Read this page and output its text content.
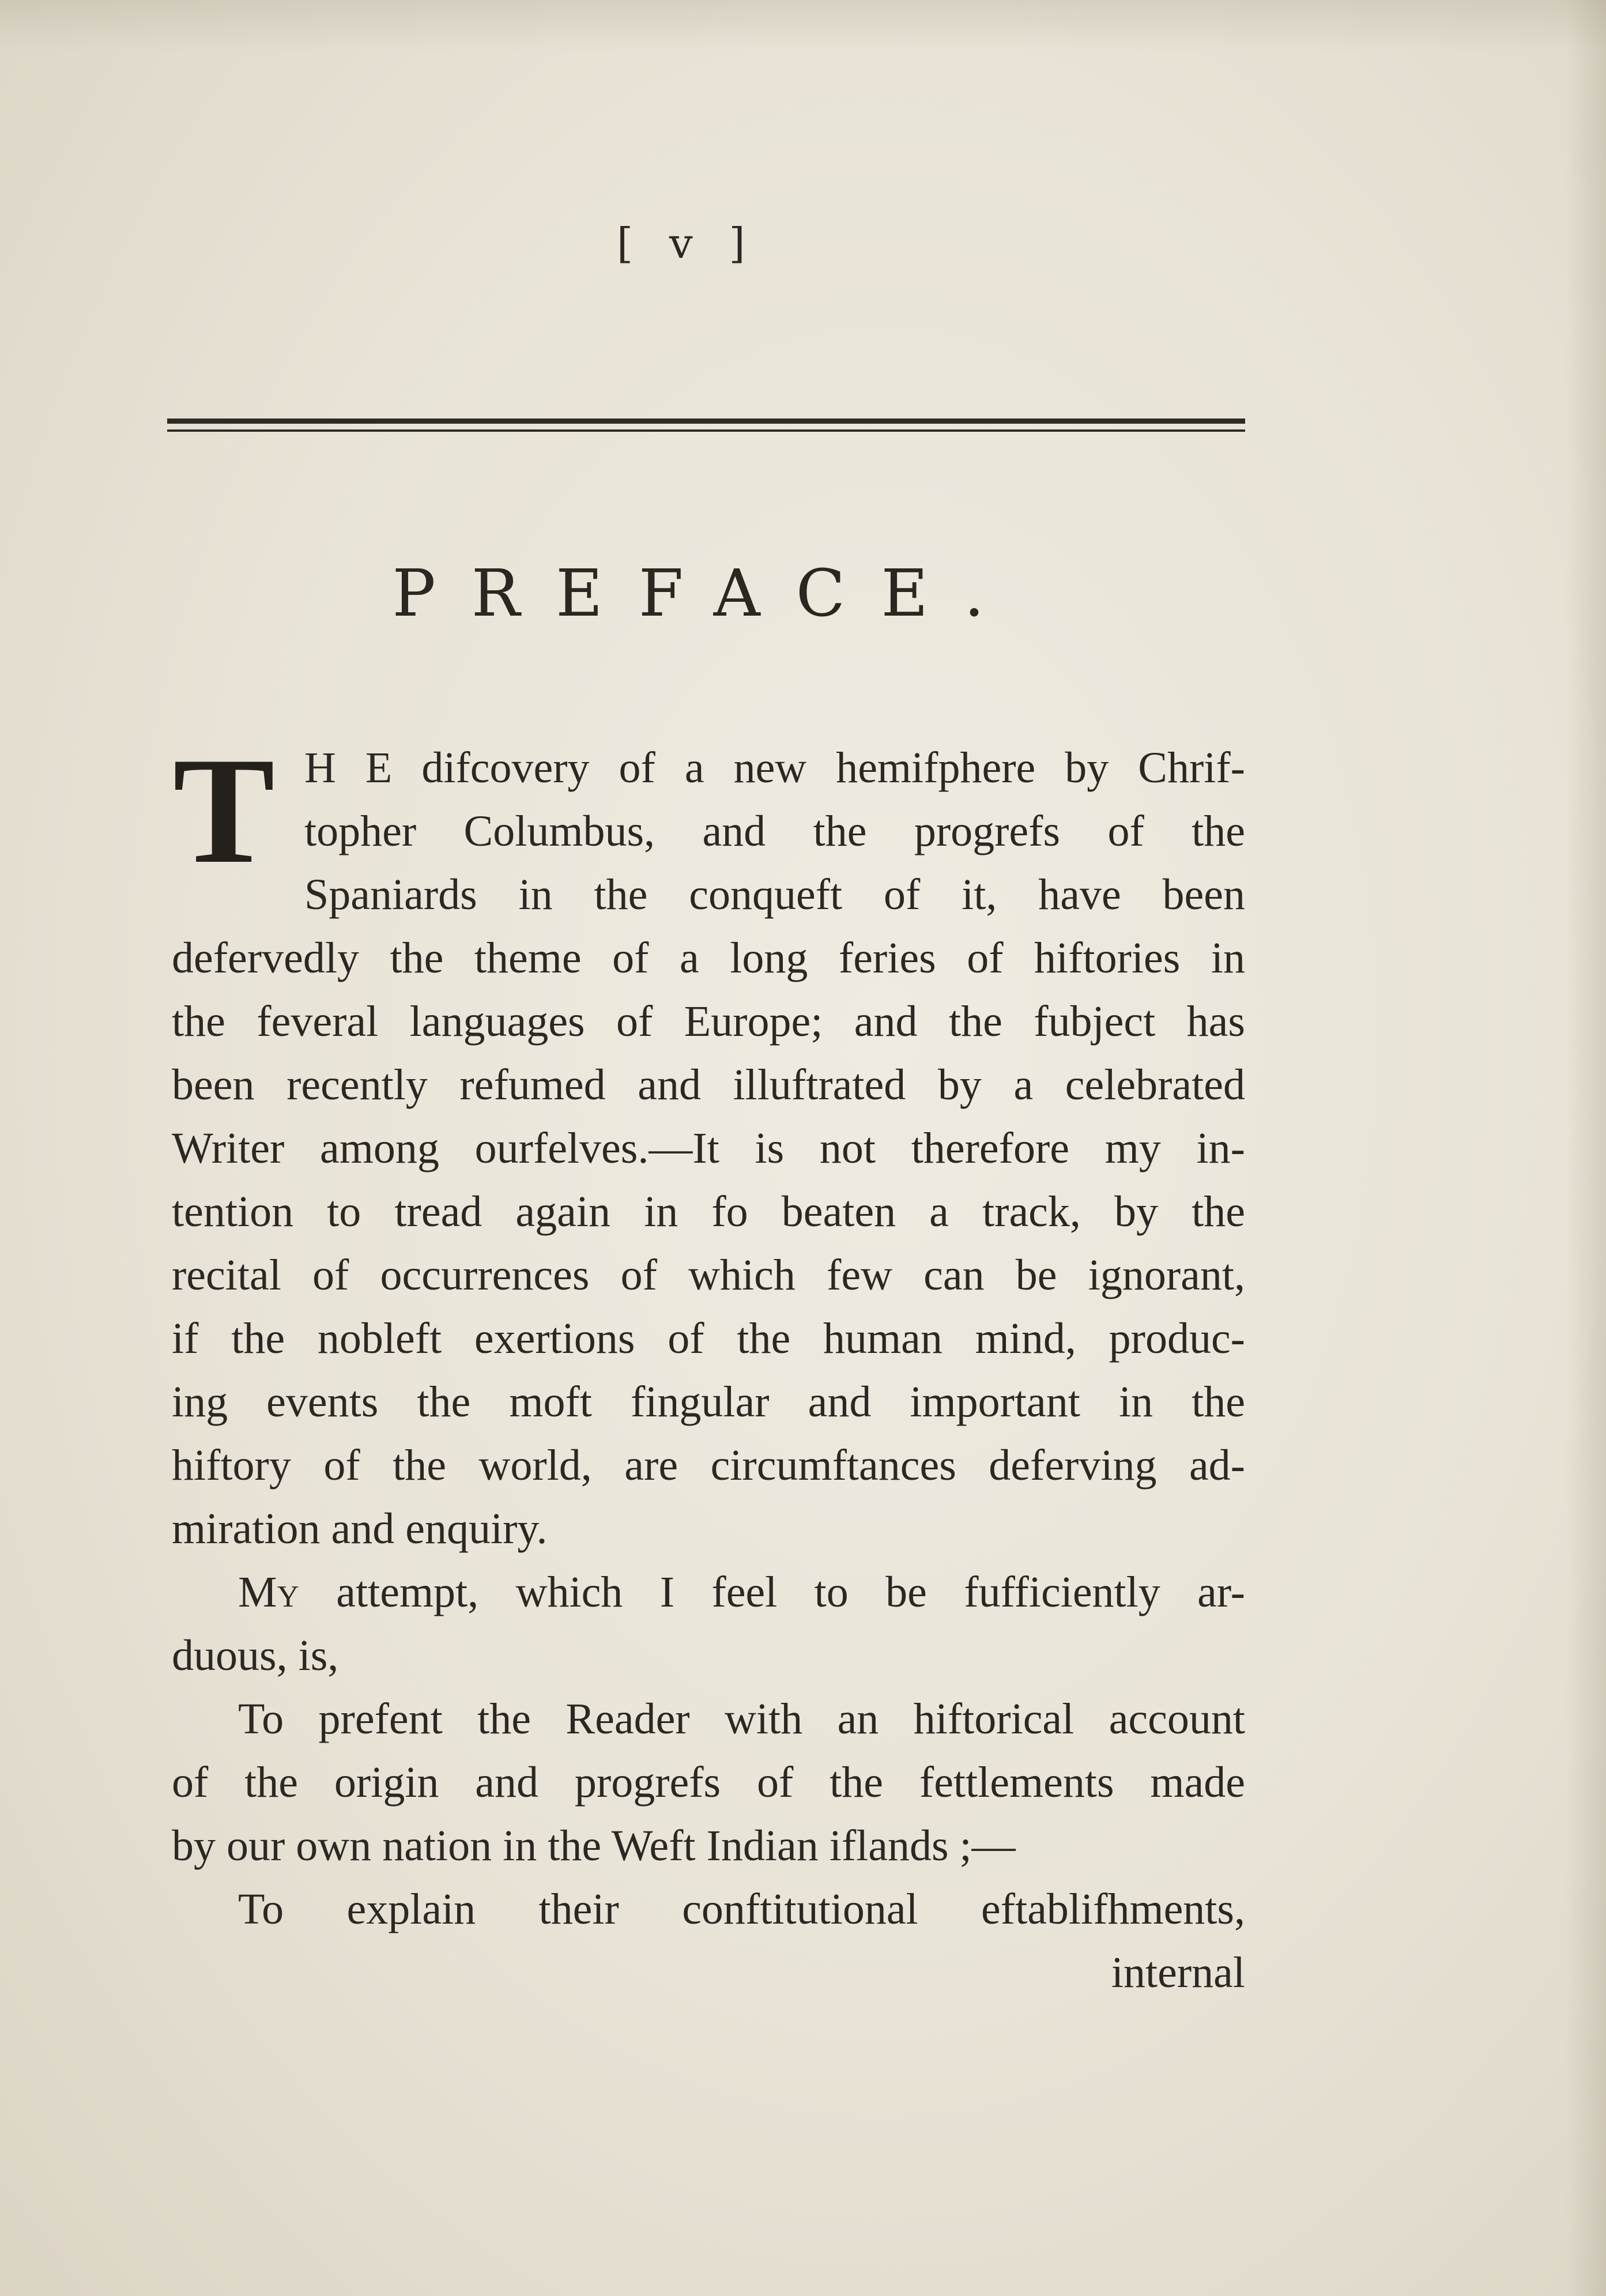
[ v ]
PREFACE.
T H E difcovery of a new hemifphere by Chrif-
topher Columbus, and the progrefs of the
Spaniards in the conqueft of it, have been
defervedly the theme of a long feries of hiftories in
the feveral languages of Europe; and the fubject has
been recently refumed and illuftrated by a celebrated
Writer among ourfelves.—It is not therefore my in-
tention to tread again in fo beaten a track, by the
recital of occurrences of which few can be ignorant,
if the nobleft exertions of the human mind, produc-
ing events the moft fingular and important in the
hiftory of the world, are circumftances deferving ad-
miration and enquiry.
My attempt, which I feel to be fufficiently ar-
duous, is,
To prefent the Reader with an hiftorical account
of the origin and progrefs of the fettlements made
by our own nation in the Weft Indian iflands ;—
To explain their conftitutional eftablifhments,
internal
